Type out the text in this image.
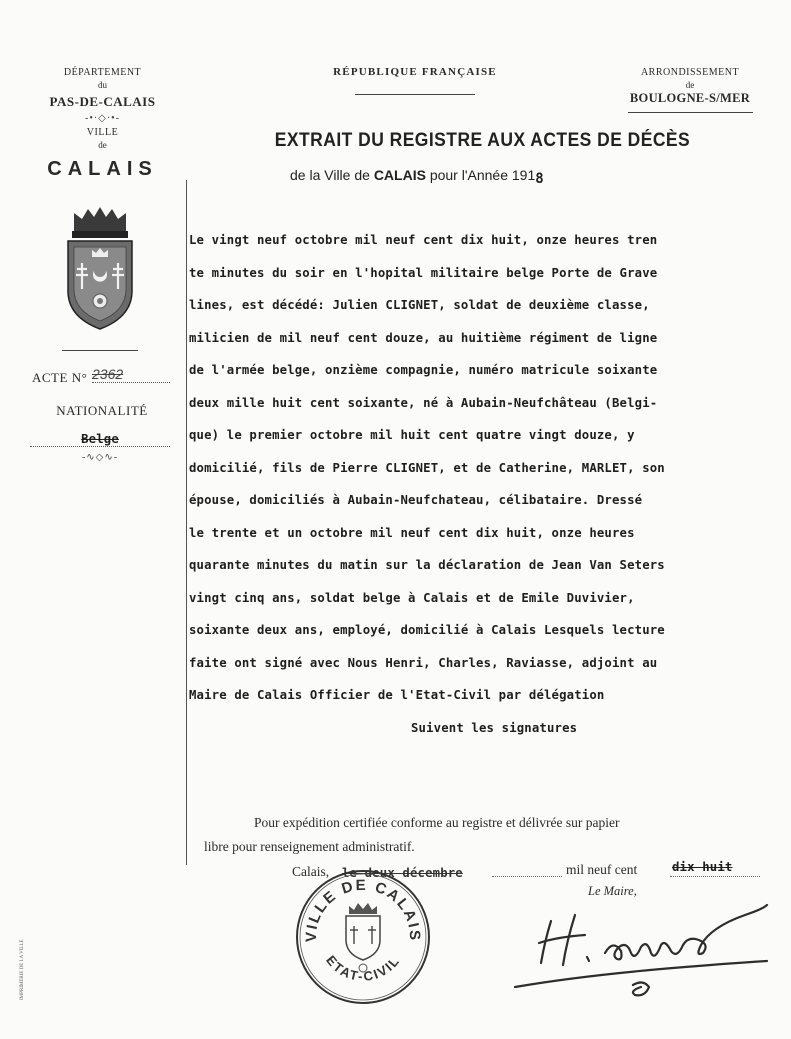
DÉPARTEMENT
du
PAS-DE-CALAIS
-•·◇·•-
VILLE
de
CALAIS
ACTE N° 2362
NATIONALITÉ
Belge
-∿◇∿-
IMPRIMERIE DE LA VILLE
RÉPUBLIQUE FRANÇAISE	ARRONDISSEMENT
de
BOULOGNE-S/MER
EXTRAIT DU REGISTRE AUX ACTES DE DÉCÈS
de la Ville de CALAIS pour l'Année 1918
Le vingt neuf octobre mil neuf cent dix huit, onze heures tren
te minutes du soir en l'hopital militaire belge Porte de Grave
lines, est décédé: Julien CLIGNET, soldat de deuxième classe,
milicien de mil neuf cent douze, au huitième régiment de ligne
de l'armée belge, onzième compagnie, numéro matricule soixante
deux mille huit cent soixante, né à Aubain-Neufchâteau (Belgi-
que) le premier octobre mil huit cent quatre vingt douze, y
domicilié, fils de Pierre CLIGNET, et de Catherine, MARLET, son
épouse, domiciliés à Aubain-Neufchateau, célibataire. Dressé
le trente et un octobre mil neuf cent dix huit, onze heures
quarante minutes du matin sur la déclaration de Jean Van Seters
vingt cinq ans, soldat belge à Calais et de Emile Duvivier,
soixante deux ans, employé, domicilié à Calais Lesquels lecture
faite ont signé avec Nous Henri, Charles, Raviasse, adjoint au
Maire de Calais Officier de l'Etat-Civil par délégation
Suivent les signatures
Pour expédition certifiée conforme au registre et délivrée sur papier
libre pour renseignement administratif.
Calais, le deux décembre	mil neuf cent	dix huit
Le Maire,
VILLE DE CALAIS
ETAT-CIVIL
